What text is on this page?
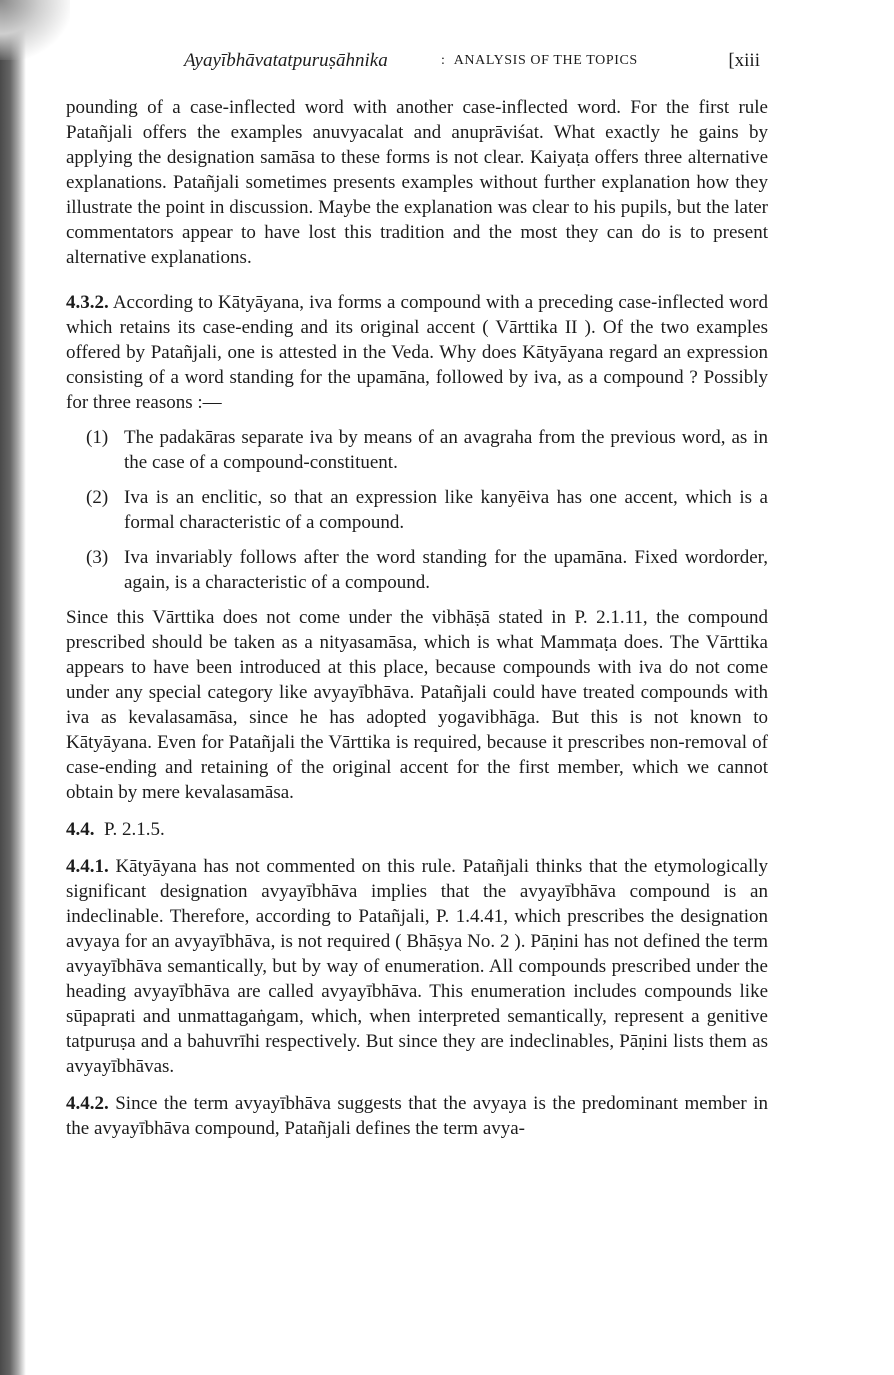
Ayayībhāvatatpuruṣāhnika	: ANALYSIS OF THE TOPICS	[xiii

pounding of a case-inflected word with another case-inflected word. For the first rule Patañjali offers the examples anuvyacalat and anuprāviśat. What exactly he gains by applying the designation samāsa to these forms is not clear. Kaiyaṭa offers three alternative explanations. Patañjali sometimes presents examples without further explanation how they illustrate the point in discussion. Maybe the explanation was clear to his pupils, but the later commentators appear to have lost this tradition and the most they can do is to present alternative explanations.

4.3.2. According to Kātyāyana, iva forms a compound with a preceding case-inflected word which retains its case-ending and its original accent ( Vārttika II ). Of the two examples offered by Patañjali, one is attested in the Veda. Why does Kātyāyana regard an expression consisting of a word standing for the upamāna, followed by iva, as a compound ? Possibly for three reasons :—

(1) The padakāras separate iva by means of an avagraha from the previous word, as in the case of a compound-constituent.
(2) Iva is an enclitic, so that an expression like kanyēiva has one accent, which is a formal characteristic of a compound.
(3) Iva invariably follows after the word standing for the upamāna. Fixed wordorder, again, is a characteristic of a compound.

Since this Vārttika does not come under the vibhāṣā stated in P. 2.1.11, the compound prescribed should be taken as a nityasamāsa, which is what Mammaṭa does. The Vārttika appears to have been introduced at this place, because compounds with iva do not come under any special category like avyayībhāva. Patañjali could have treated compounds with iva as kevalasamāsa, since he has adopted yogavibhāga. But this is not known to Kātyāyana. Even for Patañjali the Vārttika is required, because it prescribes non-removal of case-ending and retaining of the original accent for the first member, which we cannot obtain by mere kevalasamāsa.

4.4. P. 2.1.5.

4.4.1. Kātyāyana has not commented on this rule. Patañjali thinks that the etymologically significant designation avyayībhāva implies that the avyayībhāva compound is an indeclinable. Therefore, according to Patañjali, P. 1.4.41, which prescribes the designation avyaya for an avyayībhāva, is not required ( Bhāṣya No. 2 ). Pāṇini has not defined the term avyayībhāva semantically, but by way of enumeration. All compounds prescribed under the heading avyayībhāva are called avyayībhāva. This enumeration includes compounds like sūpaprati and unmattagaṅgam, which, when interpreted semantically, represent a genitive tatpuruṣa and a bahuvrīhi respectively. But since they are indeclinables, Pāṇini lists them as avyayībhāvas.

4.4.2. Since the term avyayībhāva suggests that the avyaya is the predominant member in the avyayībhāva compound, Patañjali defines the term avya-
